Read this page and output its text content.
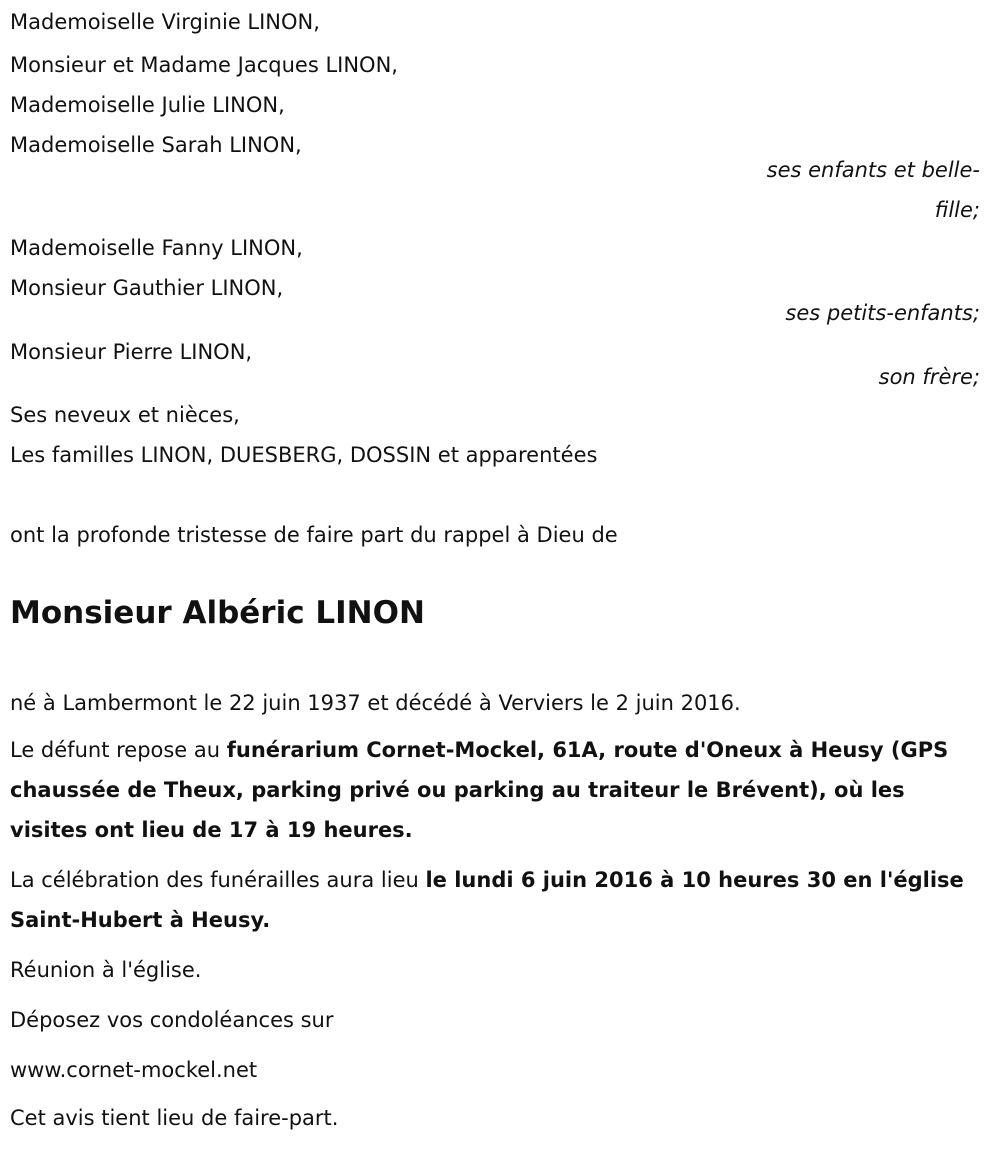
Mademoiselle Virginie LINON,
Monsieur et Madame Jacques LINON,
Mademoiselle Julie LINON,
Mademoiselle Sarah LINON,
ses enfants et belle-fille;
Mademoiselle Fanny LINON,
Monsieur Gauthier LINON,
ses petits-enfants;
Monsieur Pierre LINON,
son frère;
Ses neveux et nièces,
Les familles LINON, DUESBERG, DOSSIN et apparentées
ont la profonde tristesse de faire part du rappel à Dieu de
Monsieur Albéric LINON
né à Lambermont le 22 juin 1937 et décédé à Verviers le 2 juin 2016.
Le défunt repose au funérarium Cornet-Mockel, 61A, route d'Oneux à Heusy (GPS chaussée de Theux, parking privé ou parking au traiteur le Brévent), où les visites ont lieu de 17 à 19 heures.
La célébration des funérailles aura lieu le lundi 6 juin 2016 à 10 heures 30 en l'église Saint-Hubert à Heusy.
Réunion à l'église.
Déposez vos condoléances sur
www.cornet-mockel.net
Cet avis tient lieu de faire-part.
